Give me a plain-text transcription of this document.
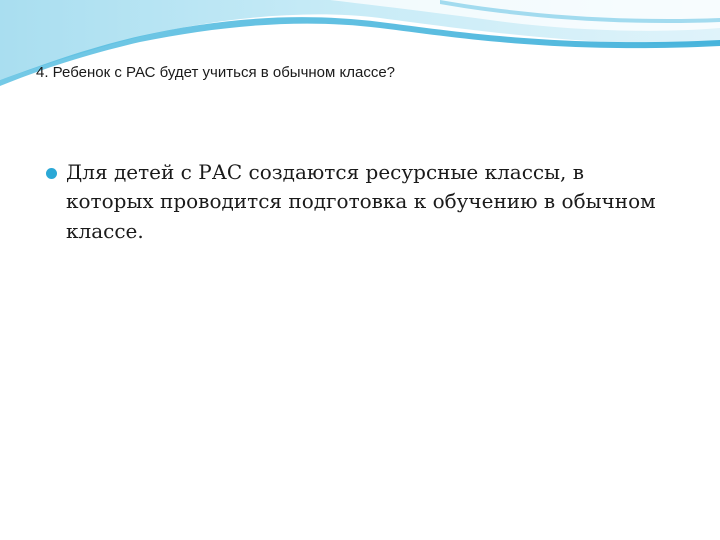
4. Ребенок с РАС будет учиться в обычном классе?
Для детей с РАС создаются ресурсные классы, в которых проводится подготовка к обучению в обычном классе.
